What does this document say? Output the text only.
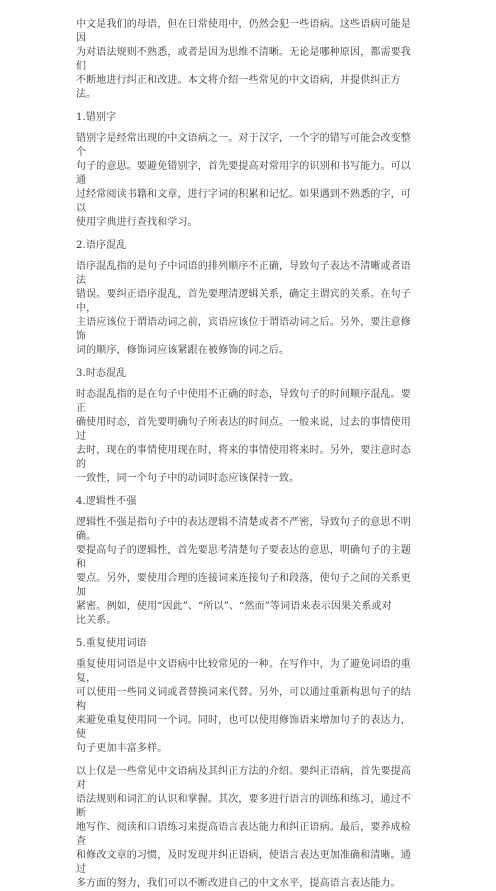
中文是我们的母语，但在日常使用中，仍然会犯一些语病。这些语病可能是因
为对语法规则不熟悉，或者是因为思维不清晰。无论是哪种原因，都需要我们
不断地进行纠正和改进。本文将介绍一些常见的中文语病，并提供纠正方法。

1.错别字

错别字是经常出现的中文语病之一。对于汉字，一个字的错写可能会改变整个
句子的意思。要避免错别字，首先要提高对常用字的识别和书写能力。可以通
过经常阅读书籍和文章，进行字词的积累和记忆。如果遇到不熟悉的字，可以
使用字典进行查找和学习。

2.语序混乱

语序混乱指的是句子中词语的排列顺序不正确，导致句子表达不清晰或者语法
错误。要纠正语序混乱，首先要理清逻辑关系，确定主谓宾的关系。在句子中，
主语应该位于谓语动词之前，宾语应该位于谓语动词之后。另外，要注意修饰
词的顺序，修饰词应该紧跟在被修饰的词之后。

3.时态混乱

时态混乱指的是在句子中使用不正确的时态，导致句子的时间顺序混乱。要正
确使用时态，首先要明确句子所表达的时间点。一般来说，过去的事情使用过
去时，现在的事情使用现在时，将来的事情使用将来时。另外，要注意时态的
一致性，同一个句子中的动词时态应该保持一致。

4.逻辑性不强

逻辑性不强是指句子中的表达逻辑不清楚或者不严密，导致句子的意思不明确。
要提高句子的逻辑性，首先要思考清楚句子要表达的意思，明确句子的主题和
要点。另外，要使用合理的连接词来连接句子和段落，使句子之间的关系更加
紧密。例如，使用“因此”、“所以”、“然而”等词语来表示因果关系或对
比关系。

5.重复使用词语

重复使用词语是中文语病中比较常见的一种。在写作中，为了避免词语的重复，
可以使用一些同义词或者替换词来代替。另外，可以通过重新构思句子的结构
来避免重复使用同一个词。同时，也可以使用修饰语来增加句子的表达力，使
句子更加丰富多样。

以上仅是一些常见中文语病及其纠正方法的介绍。要纠正语病，首先要提高对
语法规则和词汇的认识和掌握。其次，要多进行语言的训练和练习，通过不断
地写作、阅读和口语练习来提高语言表达能力和纠正语病。最后，要养成检查
和修改文章的习惯，及时发现并纠正语病，使语言表达更加准确和清晰。通过
多方面的努力，我们可以不断改进自己的中文水平，提高语言表达能力。
